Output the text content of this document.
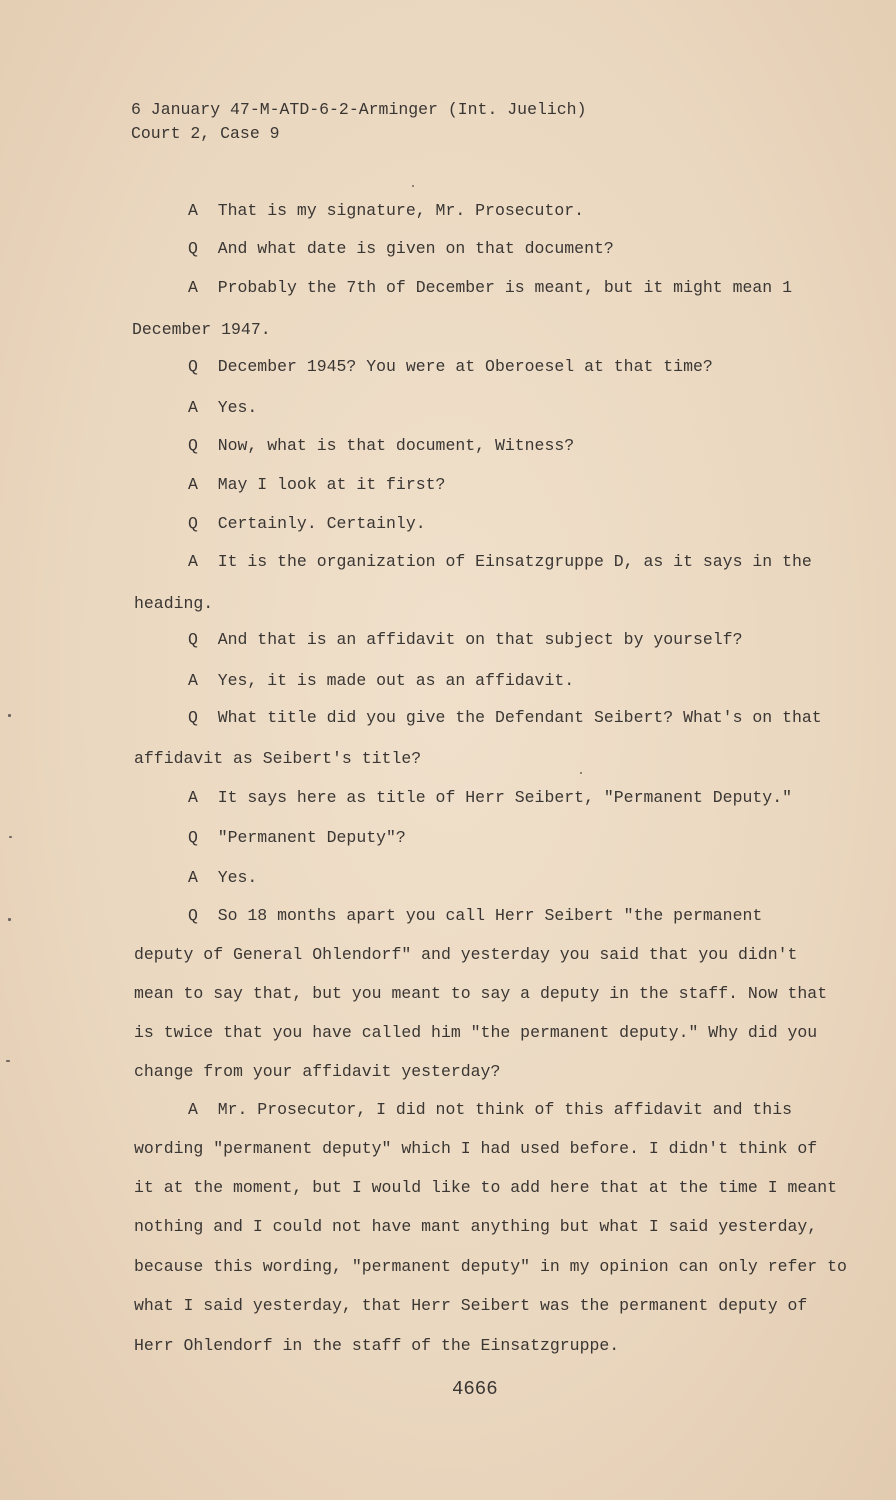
6 January 47-M-ATD-6-2-Arminger (Int. Juelich)
Court 2, Case 9
A  That is my signature, Mr. Prosecutor.
Q  And what date is given on that document?
A  Probably the 7th of December is meant, but it might mean 1
December 1947.
Q  December 1945? You were at Oberoesel at that time?
A  Yes.
Q  Now, what is that document, Witness?
A  May I look at it first?
Q  Certainly. Certainly.
A  It is the organization of Einsatzgruppe D, as it says in the
heading.
Q  And that is an affidavit on that subject by yourself?
A  Yes, it is made out as an affidavit.
Q  What title did you give the Defendant Seibert? What's on that
affidavit as Seibert's title?
A  It says here as title of Herr Seibert, "Permanent Deputy."
Q  "Permanent Deputy"?
A  Yes.
Q  So 18 months apart you call Herr Seibert "the permanent
deputy of General Ohlendorf" and yesterday you said that you didn't
mean to say that, but you meant to say a deputy in the staff. Now that
is twice that you have called him "the permanent deputy." Why did you
change from your affidavit yesterday?
A  Mr. Prosecutor, I did not think of this affidavit and this
wording "permanent deputy" which I had used before. I didn't think of
it at the moment, but I would like to add here that at the time I meant
nothing and I could not have mant anything but what I said yesterday,
because this wording, "permanent deputy" in my opinion can only refer to
what I said yesterday, that Herr Seibert was the permanent deputy of
Herr Ohlendorf in the staff of the Einsatzgruppe.
4666
